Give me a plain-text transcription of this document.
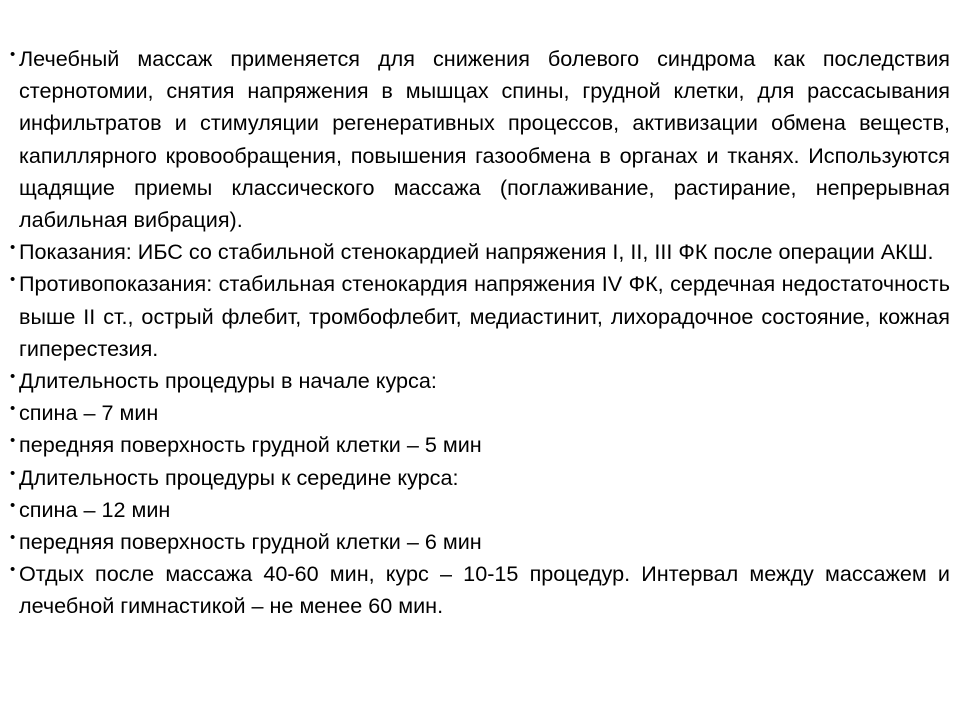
• Лечебный массаж применяется для снижения болевого синдрома как последствия стернотомии, снятия напряжения в мышцах спины, грудной клетки, для рассасывания инфильтратов и стимуляции регенеративных процессов, активизации обмена веществ, капиллярного кровообращения, повышения газообмена в органах и тканях. Используются щадящие приемы классического массажа (поглаживание, растирание, непрерывная лабильная вибрация).

• Показания: ИБС со стабильной стенокардией напряжения I, II, III ФК после операции АКШ.

• Противопоказания: стабильная стенокардия напряжения IV ФК, сердечная недостаточность выше II ст., острый флебит, тромбофлебит, медиастинит, лихорадочное состояние, кожная гиперестезия.

• Длительность процедуры в начале курса:

• спина – 7 мин

• передняя поверхность грудной клетки – 5 мин

• Длительность процедуры к середине курса:

• спина – 12 мин

• передняя поверхность грудной клетки – 6 мин

• Отдых после массажа 40-60 мин, курс – 10-15 процедур. Интервал между массажем и лечебной гимнастикой – не менее 60 мин.
